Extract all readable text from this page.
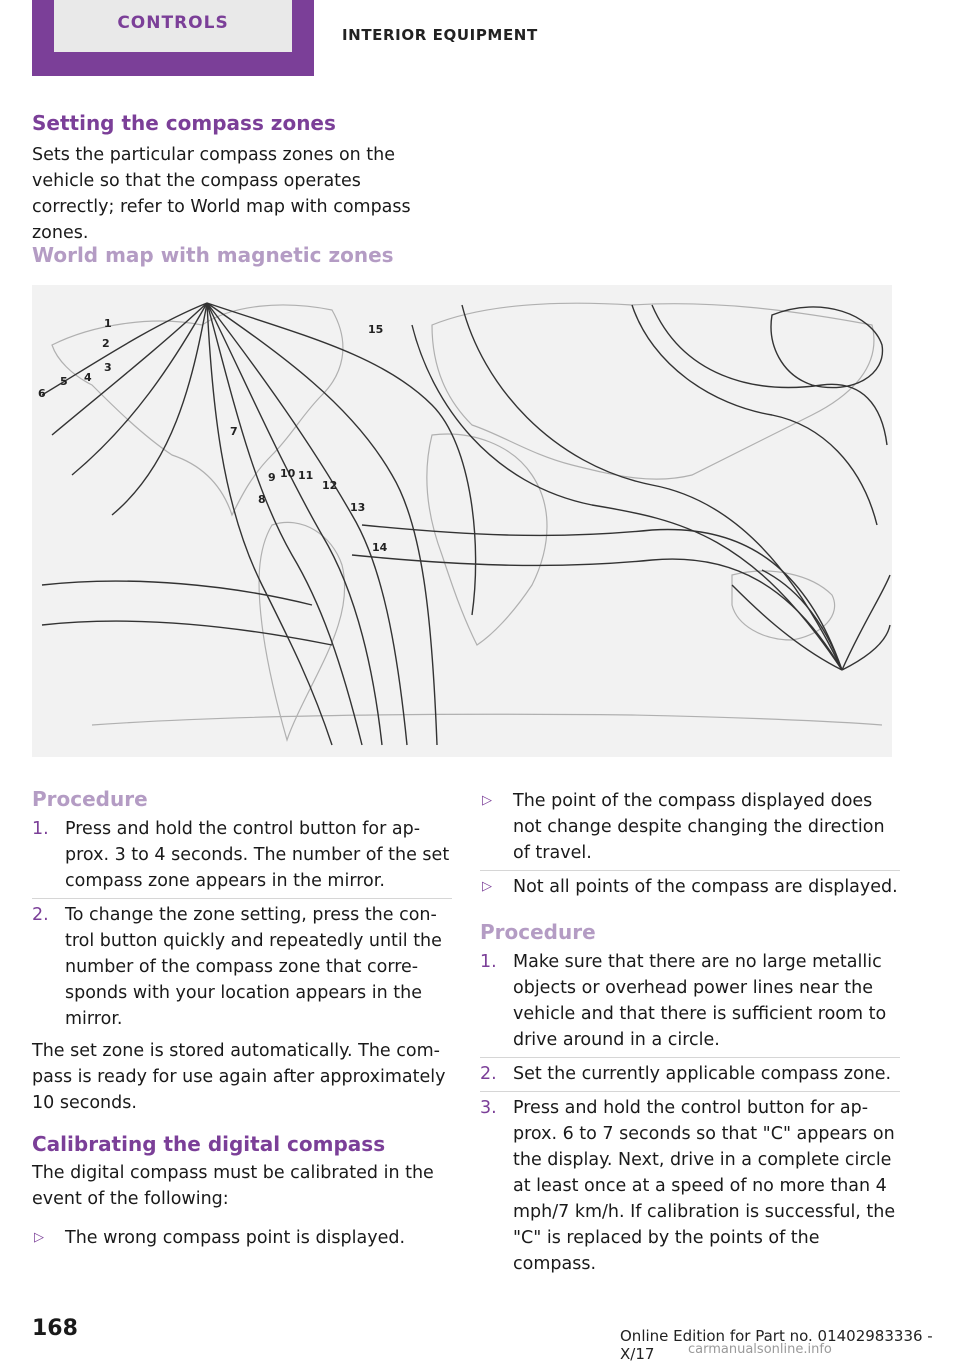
CONTROLS
INTERIOR EQUIPMENT
Setting the compass zones

Sets the particular compass zones on the vehicle so that the compass operates correctly; refer to World map with compass zones.

World map with magnetic zones
1
2
3
4
5
6
7
8
9 10 11
12
13
14
15
Procedure
1. Press and hold the control button for approx. 3 to 4 seconds. The number of the set compass zone appears in the mirror.
2. To change the zone setting, press the control button quickly and repeatedly until the number of the compass zone that corresponds with your location appears in the mirror.

The set zone is stored automatically. The compass is ready for use again after approximately 10 seconds.

Calibrating the digital compass

The digital compass must be calibrated in the event of the following:

▷ The wrong compass point is displayed.
▷ The point of the compass displayed does not change despite changing the direction of travel.
▷ Not all points of the compass are displayed.
Procedure
1. Make sure that there are no large metallic objects or overhead power lines near the vehicle and that there is sufficient room to drive around in a circle.
2. Set the currently applicable compass zone.
3. Press and hold the control button for approx. 6 to 7 seconds so that "C" appears on the display. Next, drive in a complete circle at least once at a speed of no more than 4 mph/7 km/h. If calibration is successful, the "C" is replaced by the points of the compass.
168	Online Edition for Part no. 01402983336 - X/17	carmanualsonline.info
